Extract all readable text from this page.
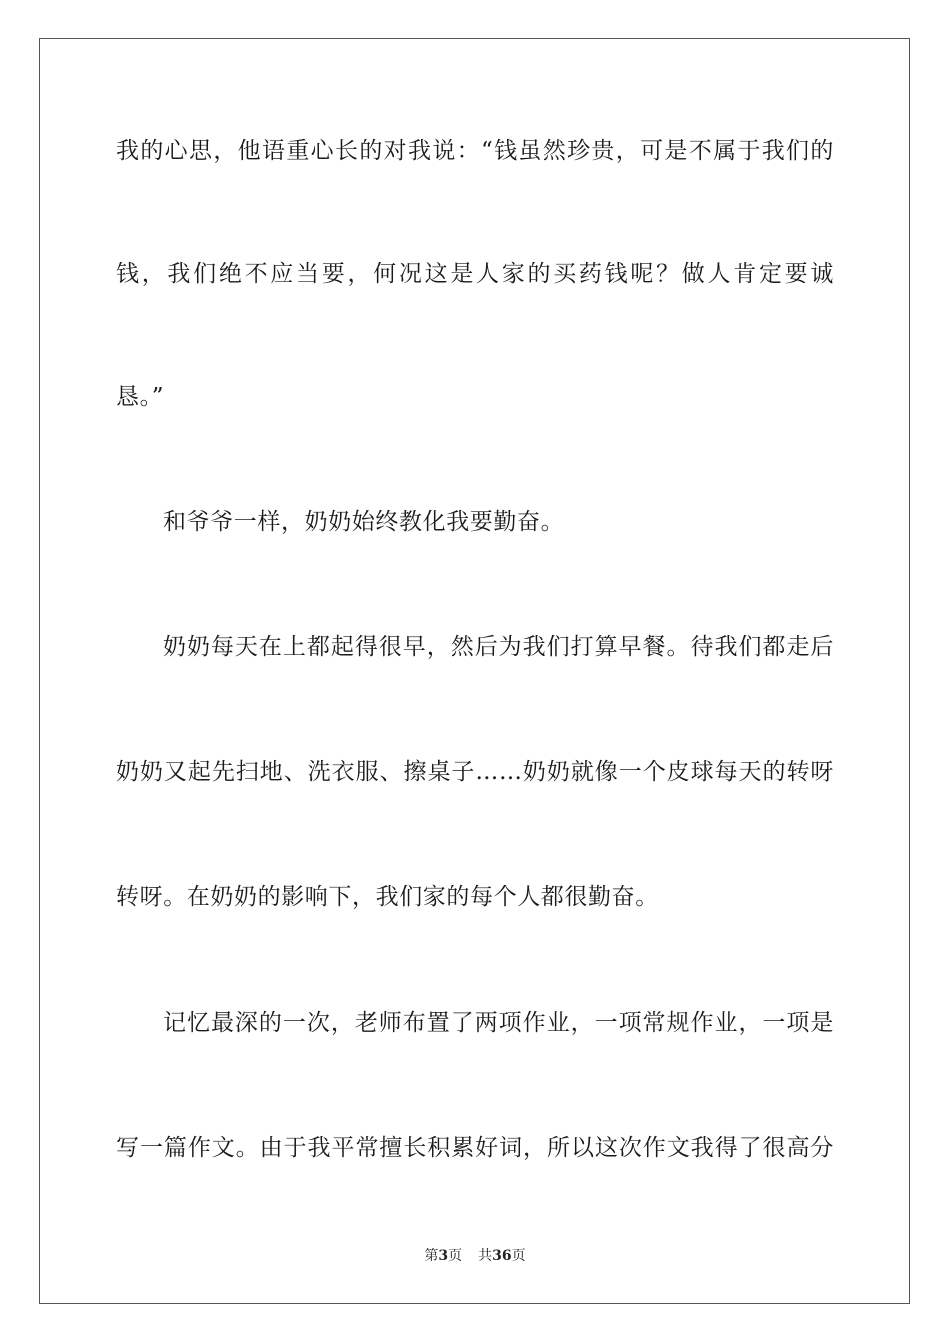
我的心思，他语重心长的对我说：“钱虽然珍贵，可是不属于我们的
钱，我们绝不应当要，何况这是人家的买药钱呢？做人肯定要诚
恳。”
和爷爷一样，奶奶始终教化我要勤奋。
奶奶每天在上都起得很早，然后为我们打算早餐。待我们都走后
奶奶又起先扫地、洗衣服、擦桌子……奶奶就像一个皮球每天的转呀
转呀。在奶奶的影响下，我们家的每个人都很勤奋。
记忆最深的一次，老师布置了两项作业，一项常规作业，一项是
写一篇作文。由于我平常擅长积累好词，所以这次作文我得了很高分
第3页 共36页
